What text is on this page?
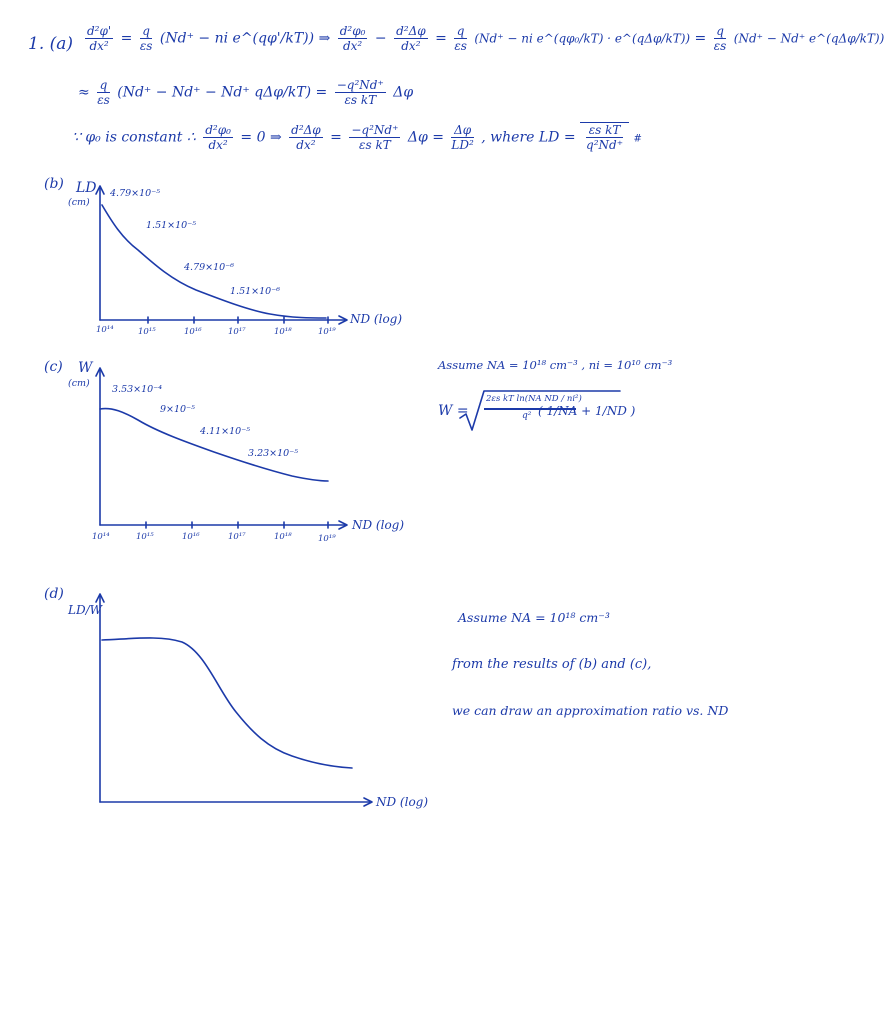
1. $(a) \frac{\text{d²φ'}}{\text{dx²}} = \frac{q}{\varepsilon s} (Nd^+$ − ni e^(qφ'/kT)) ⇒ $\frac{\text{d²φ₀}}{\text{dx²}} - \frac{\text{d²Δφ}}{\text{dx²}} = \frac{q}{\varepsilon s} (Nd^+$ − ni e^(qφ₀/kT) · e^(qΔφ/kT)) = $\frac{q}{\varepsilon s} (Nd^+ - Nd^+$ e^(qΔφ/kT))
≈ $\frac{q}{\varepsilon s} (Nd^+ - Nd^+ - Nd^+$ $q\Delta\varphi/kT) = \frac{\text{−q²Nd⁺}}{\text{εs kT}}$ Δφ
∵ φ₀ is constant ∴ $\frac{\text{d²φ₀}}{\text{dx²}} = 0$ ⇒ $\frac{\text{d²Δφ}}{\text{dx²}} = \frac{\text{−q²Nd⁺}}{\text{εs kT}}$ $\Delta\varphi = \frac{\Delta\varphi}{\text{LD²}}$ , where LD = $\frac{\text{εs kT}}{\text{q²Nd⁺}}$ #
(b) LD
(cm)
4.79×10⁻⁵
1.51×10⁻⁵
4.79×10⁻⁶
1.51×10⁻⁶
ND (log)
10¹⁴	10¹⁵	10¹⁶	10¹⁷	10¹⁸	10¹⁹
(c) W
(cm)
3.53×10⁻⁴
9×10⁻⁵
4.11×10⁻⁵
3.23×10⁻⁵
ND (log)
10¹⁴	10¹⁵	10¹⁶	10¹⁷	10¹⁸	10¹⁹
Assume NA = 10¹⁸ cm⁻³ , ni = 10¹⁰ cm⁻³
W =
2εs kT ln(NA ND / ni²)
q² ( 1/NA + 1/ND )
(d)
LD/W
ND (log)
Assume NA = 10¹⁸ cm⁻³
from the results of (b) and (c),
we can draw an approximation ratio vs. ND
